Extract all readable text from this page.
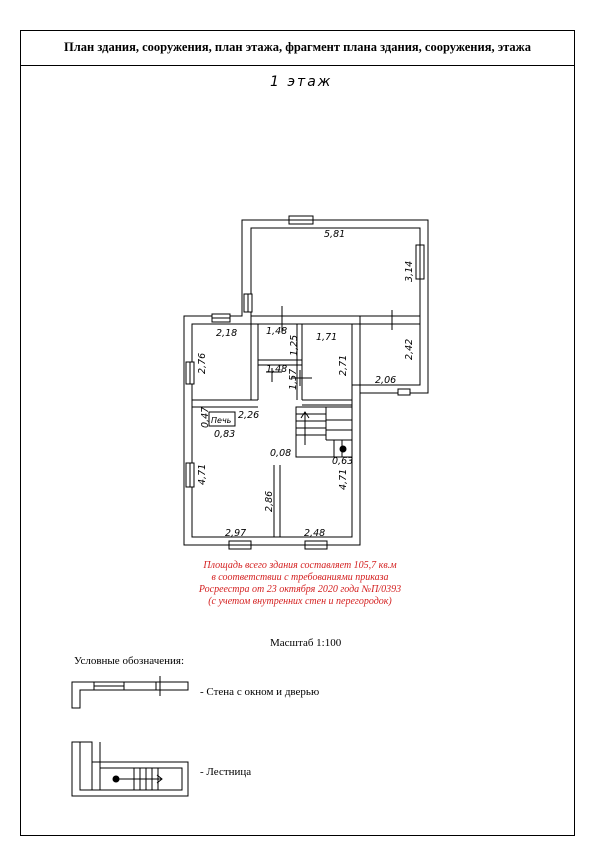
План здания, сооружения, план этажа, фрагмент плана здания, сооружения, этажа
1 этаж
5,81
3,14
2,18
2,76
1,48
1,25
1,48 1,57
1,71
2,71
2,42
2,06
2,26
0,47
0,83
0,08
0,63
4,71	4,71
2,86
2,97	2,48
Печь
Площадь всего здания составляет 105,7 кв.м
в соответствии с требованиями приказа
Росреестра от 23 октября 2020 года №П/0393
(с учетом внутренних стен и перегородок)
Масштаб 1:100
Условные обозначения:
- Стена с окном и дверью
- Лестница
